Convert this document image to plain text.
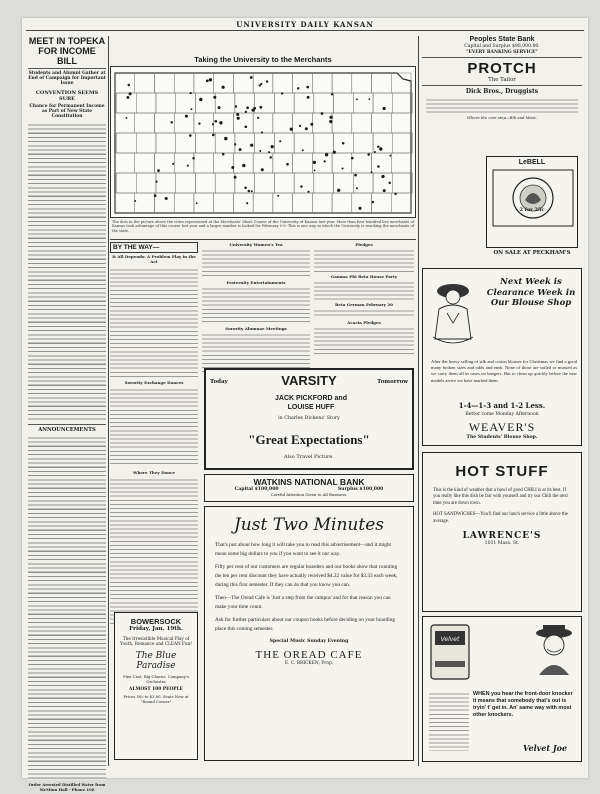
UNIVERSITY DAILY KANSAN
MEET IN TOPEKA FOR INCOME BILL
Students and Alumni Gather at End of Campaign for Important Issue
CONVENTION SEEMS SURE
Chance for Permanent Income as Part of New State Constitution
ANNOUNCEMENTS
Order Arrested Distilled Water from McMinn Hall - Phone 106
Taking the University to the Merchants
The dots in the picture above the cities represented at the Merchants' Short Course of the University of Kansas last year. More than four hundred live merchants of Kansas took advantage of this course last year and a larger number is looked for February 5-9. This is one way in which the University is reaching the merchants of the state.
BY THE WAY—
It All Depends: A Problem Play in the Act
Sorority Exchange Dances
Where They Dance
University Women's Tea
Fraternity Entertainments
Sorority Alumnae Meetings
Pledges
Gamma Phi Beta House Party
Beta German February 20
Acacia Pledges
Today	VARSITY	Tomorrow
JACK PICKFORD and LOUISE HUFF
in Charles Dickens' Story
"Great Expectations"
Also Travel Picture.
WATKINS NATIONAL BANK
Capital $100,000	Surplus $100,000
Careful Attention Given to All Business.
Just Two Minutes

That's just about how long it will take you to read this advertisement—and it might mean some big dollars to you if you want to see it our way.

Fifty per cent of our customers are regular boarders and our books show that counting the ten per cent discount they have actually received $4.22 value for $3.33 each week, during this first semester. If they can do that you know you can.

Then—The Oread Cafe is 'Just a step from the campus' and for that reason you can make your time count.

Ask for further particulars about our coupon books before deciding on your boarding place this coming semester.

Special Music Sunday Evening
THE OREAD CAFE
E. C. BRICKEN, Prop.
BOWERSOCK
Friday, Jan. 19th.
The Irresistible Musical Play of Youth, Romance and CLEAN Fun!
The Blue Paradise
Fine Cast. Big Chorus. Company's Orchestra
ALMOST 100 PEOPLE
Prices 50c to $2.00. Seats Now at "Round Corner"
Peoples State Bank
Capital and Surplus $98,000.00.
"EVERY BANKING SERVICE"
PROTCH
The Tailor
Dick Bros., Druggists
Where the cars stop—Bib and Mass.
LeBELL
2 for 25c
ON SALE AT PECKHAM'S
Next Week is Clearance Week in Our Blouse Shop
After the heavy selling of silk and cotton blouses for Christmas we find a good many broken sizes and odds and ends. None of those are soiled or mussed as we carry them all in cases on hangers. But to clean up quickly before the new models arrive we have marked them
1-4—1-3 and 1-2 Less.
Better come Monday Afternoon
WEAVER'S
The Students' Blouse Shop.
HOT STUFF
This is the kind of weather that a bowl of good CHILI is at its best. If you really like this dish be fair with yourself and try our Chili the next time you are down town.
HOT SANDWICHES—You'll find our lunch service a little above the average.
LAWRENCE'S
1031 Mass. St.
Velvet
WHEN you hear the front-door knocker it means that somebody that's out is tryin' t' get in. An' same way with most other knockers.
Velvet Joe
